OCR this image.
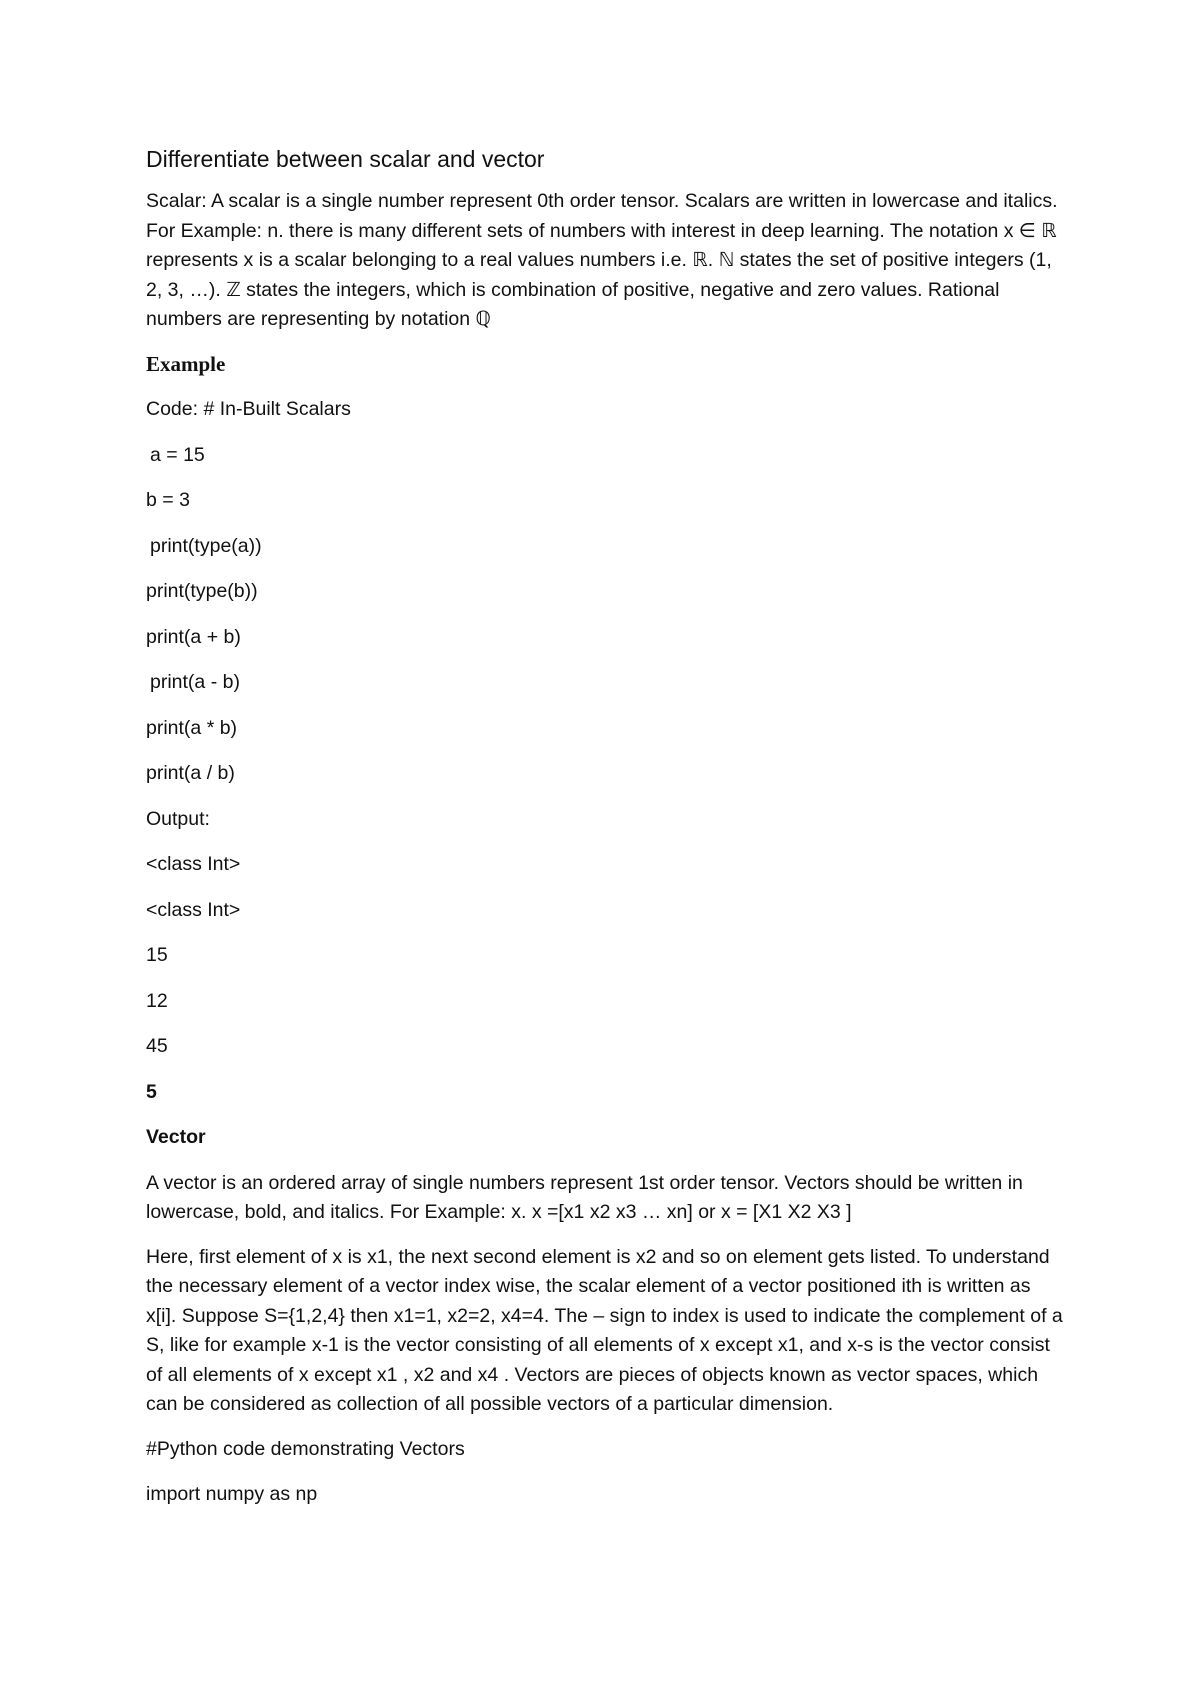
Differentiate between scalar and vector

Scalar: A scalar is a single number represent 0th order tensor. Scalars are written in lowercase and italics. For Example: n. there is many different sets of numbers with interest in deep learning. The notation x ∈ ℝ represents x is a scalar belonging to a real values numbers i.e. ℝ. ℕ states the set of positive integers (1, 2, 3, …). ℤ states the integers, which is combination of positive, negative and zero values. Rational numbers are representing by notation ℚ

Example

Code: # In-Built Scalars

a = 15

b = 3

print(type(a))

print(type(b))

print(a + b)

print(a - b)

print(a * b)

print(a / b)

Output:

<class Int>

<class Int>

15

12

45

5

Vector

A vector is an ordered array of single numbers represent 1st order tensor. Vectors should be written in lowercase, bold, and italics. For Example: x. x =[x1 x2 x3 … xn] or x = [X1 X2 X3 ]

Here, first element of x is x1, the next second element is x2 and so on element gets listed. To understand the necessary element of a vector index wise, the scalar element of a vector positioned ith is written as x[i]. Suppose S={1,2,4} then x1=1, x2=2, x4=4. The – sign to index is used to indicate the complement of a S, like for example x-1 is the vector consisting of all elements of x except x1, and x-s is the vector consist of all elements of x except x1 , x2 and x4 . Vectors are pieces of objects known as vector spaces, which can be considered as collection of all possible vectors of a particular dimension.

#Python code demonstrating Vectors

import numpy as np
